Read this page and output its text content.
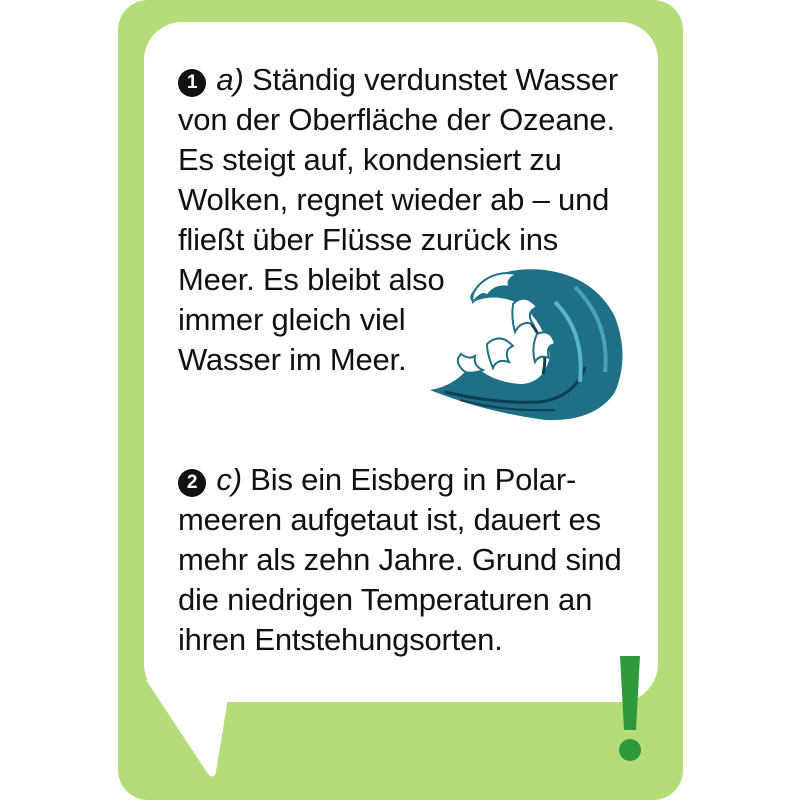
1 a) Ständig verdunstet Wasser
von der Oberfläche der Ozeane.
Es steigt auf, kondensiert zu
Wolken, regnet wieder ab – und
fließt über Flüsse zurück ins
Meer. Es bleibt also
immer gleich viel
Wasser im Meer.
2 c) Bis ein Eisberg in Polar-
meeren aufgetaut ist, dauert es
mehr als zehn Jahre. Grund sind
die niedrigen Temperaturen an
ihren Entstehungsorten.
